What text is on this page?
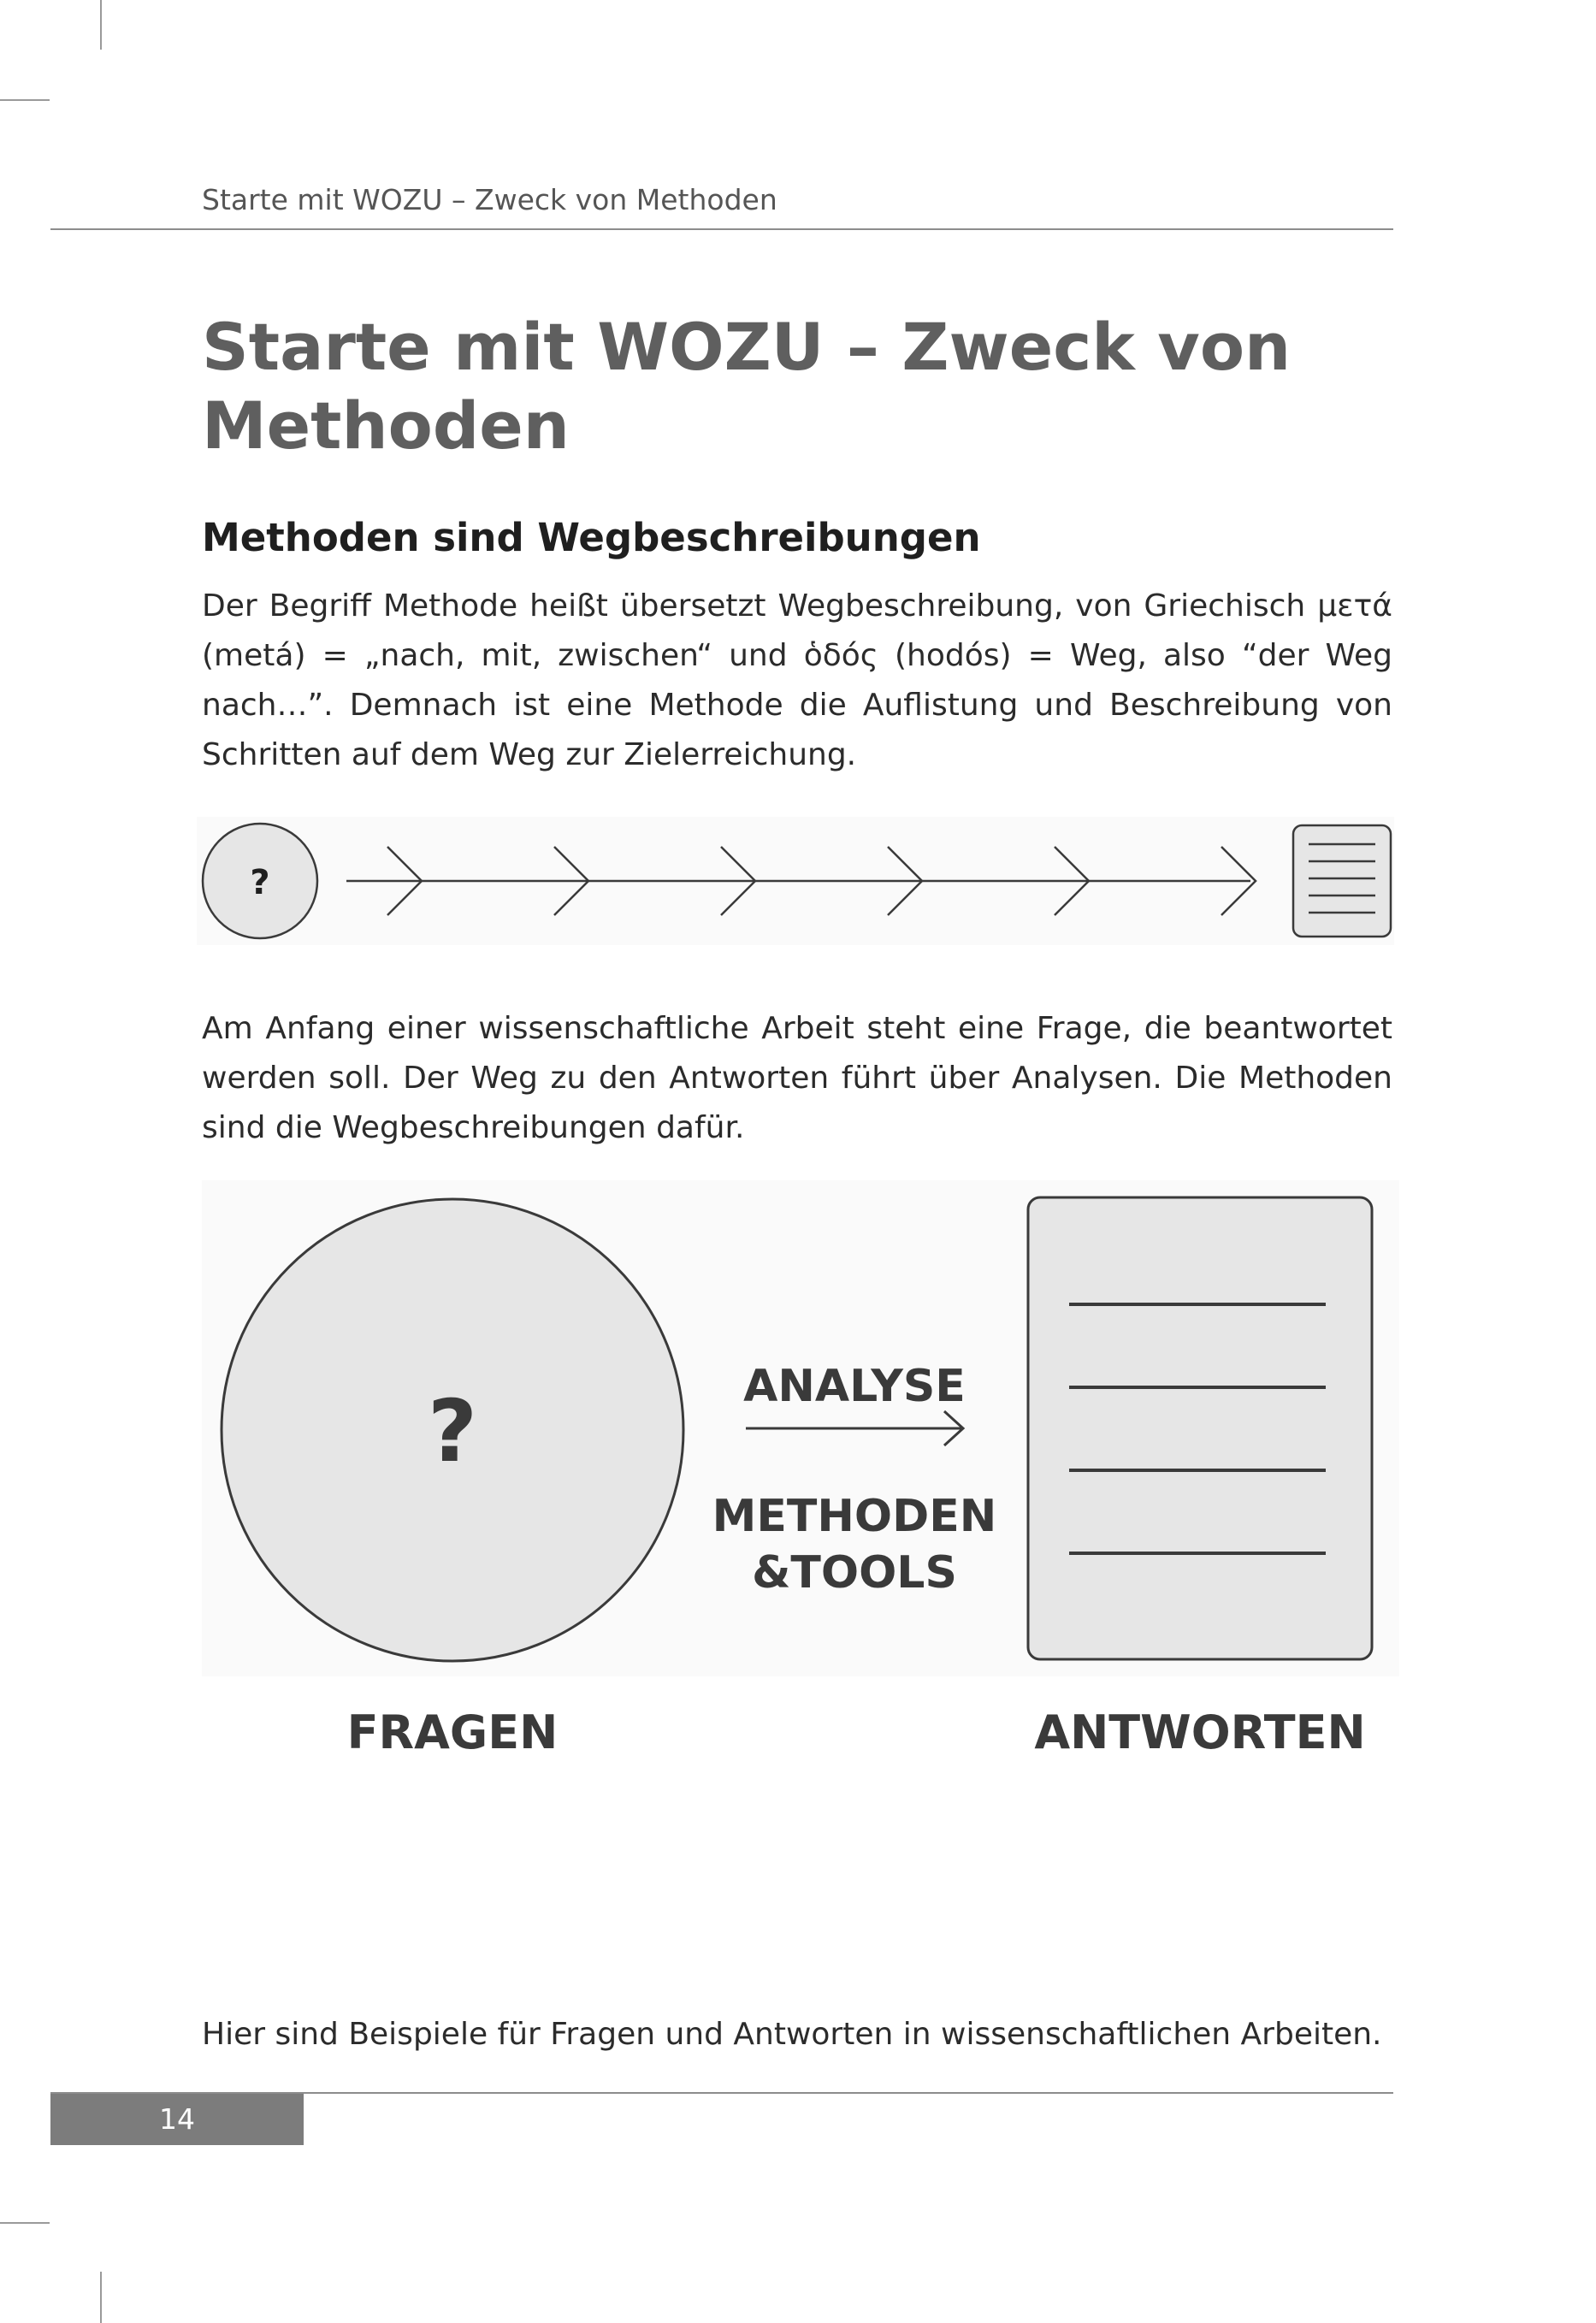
Starte mit WOZU – Zweck von Methoden
Starte mit WOZU – Zweck von
Methoden
Methoden sind Wegbeschreibungen
Der Begriff Methode heißt übersetzt Wegbeschreibung, von Griechisch μετά (metá) = „nach, mit, zwischen“ und ὁδός (hodós) = Weg, also “der Weg nach…”. Demnach ist eine Methode die Auflistung und Beschreibung von Schritten auf dem Weg zur Zielerreichung.
?
Am Anfang einer wissenschaftliche Arbeit steht eine Frage, die beantwortet werden soll. Der Weg zu den Antworten führt über Analysen. Die Methoden sind die Wegbeschreibungen dafür.
?	ANALYSE
METHODEN
&TOOLS
FRAGEN	ANTWORTEN
Hier sind Beispiele für Fragen und Antworten in wissenschaftlichen Arbeiten.
14
